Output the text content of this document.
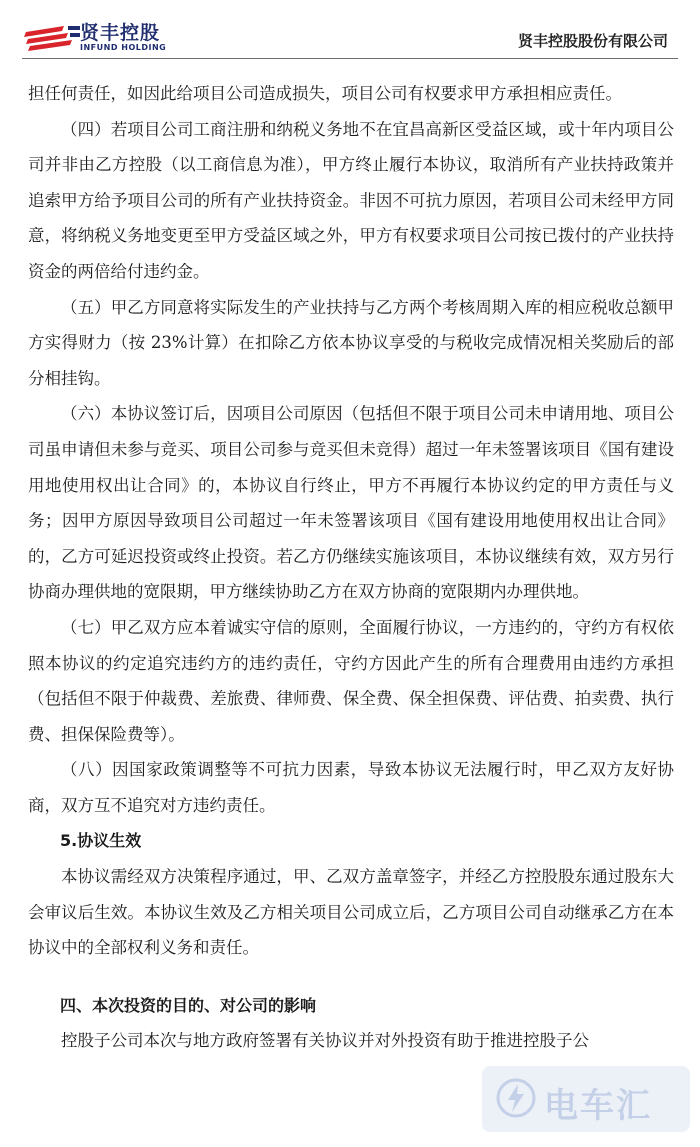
贤丰控股
INFUND HOLDING	贤丰控股股份有限公司

担任何责任，如因此给项目公司造成损失，项目公司有权要求甲方承担相应责任。

（四）若项目公司工商注册和纳税义务地不在宜昌高新区受益区域，或十年内项目公司并非由乙方控股（以工商信息为准），甲方终止履行本协议，取消所有产业扶持政策并追索甲方给予项目公司的所有产业扶持资金。非因不可抗力原因，若项目公司未经甲方同意，将纳税义务地变更至甲方受益区域之外，甲方有权要求项目公司按已拨付的产业扶持资金的两倍给付违约金。

（五）甲乙方同意将实际发生的产业扶持与乙方两个考核周期入库的相应税收总额甲方实得财力（按 23%计算）在扣除乙方依本协议享受的与税收完成情况相关奖励后的部分相挂钩。

（六）本协议签订后，因项目公司原因（包括但不限于项目公司未申请用地、项目公司虽申请但未参与竞买、项目公司参与竞买但未竞得）超过一年未签署该项目《国有建设用地使用权出让合同》的，本协议自行终止，甲方不再履行本协议约定的甲方责任与义务；因甲方原因导致项目公司超过一年未签署该项目《国有建设用地使用权出让合同》的，乙方可延迟投资或终止投资。若乙方仍继续实施该项目，本协议继续有效，双方另行协商办理供地的宽限期，甲方继续协助乙方在双方协商的宽限期内办理供地。

（七）甲乙双方应本着诚实守信的原则，全面履行协议，一方违约的，守约方有权依照本协议的约定追究违约方的违约责任，守约方因此产生的所有合理费用由违约方承担（包括但不限于仲裁费、差旅费、律师费、保全费、保全担保费、评估费、拍卖费、执行费、担保保险费等）。

（八）因国家政策调整等不可抗力因素，导致本协议无法履行时，甲乙双方友好协商，双方互不追究对方违约责任。

5.协议生效

本协议需经双方决策程序通过，甲、乙双方盖章签字，并经乙方控股股东通过股东大会审议后生效。本协议生效及乙方相关项目公司成立后，乙方项目公司自动继承乙方在本协议中的全部权利义务和责任。

四、本次投资的目的、对公司的影响

控股子公司本次与地方政府签署有关协议并对外投资有助于推进控股子公

电车汇
